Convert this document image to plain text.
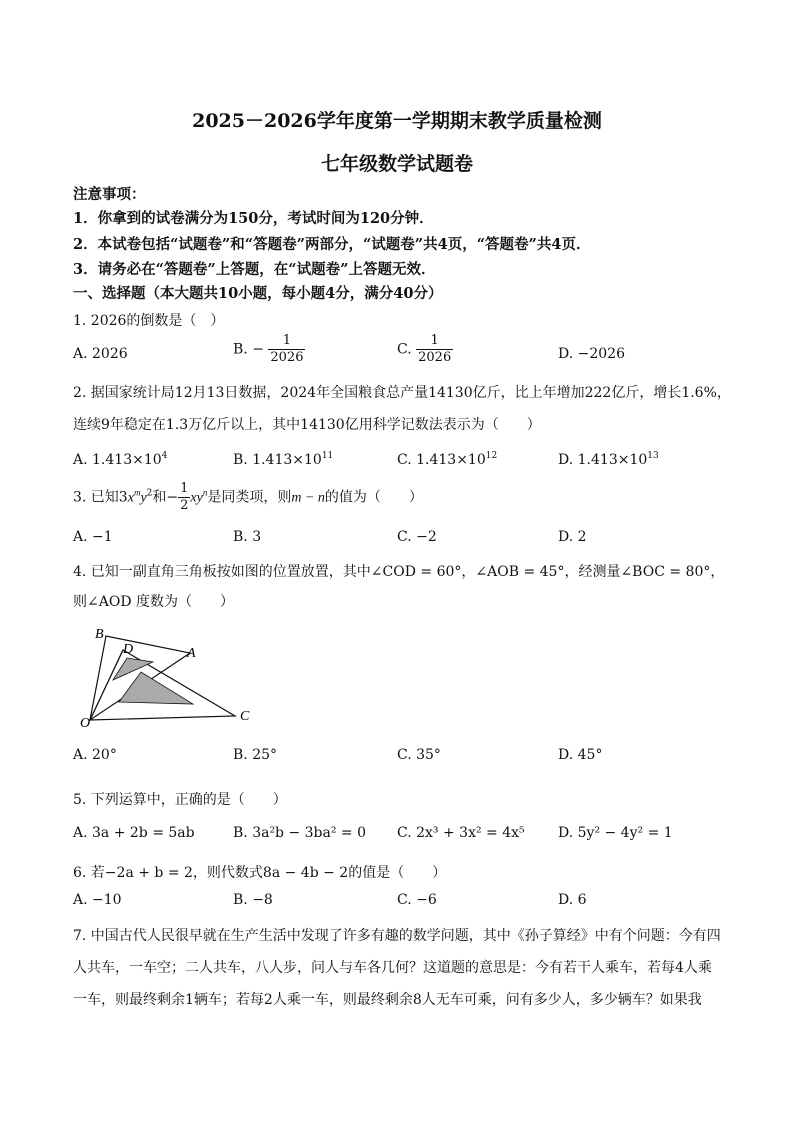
2025－2026学年度第一学期期末教学质量检测
七年级数学试题卷
注意事项：
1．你拿到的试卷满分为150分，考试时间为120分钟．
2．本试卷包括“试题卷”和“答题卷”两部分，“试题卷”共4页，“答题卷”共4页．
3．请务必在“答题卷”上答题，在“试题卷”上答题无效．
一、选择题（本大题共10小题，每小题4分，满分40分）
1. 2026的倒数是（　）
A. 2026	B. − $\frac{1}{2026}$	C. $\frac{1}{2026}$	D. −2026
2. 据国家统计局12月13日数据，2024年全国粮食总产量14130亿斤，比上年增加222亿斤，增长1.6%，
连续9年稳定在1.3万亿斤以上，其中14130亿用科学记数法表示为（　　）
A. $1.413\times 10^4$	B. $1.413\times 10^{11}$	C. $1.413\times 10^{12}$	D. $1.413\times 10^{13}$
3. 已知$3x^my^2$和− $\frac{1}{2} xy^n$是同类项，则m − n的值为（　　）
A. −1	B. 3	C. −2	D. 2
4. 已知一副直角三角板按如图的位置放置，其中∠COD = 60°，∠AOB = 45°，经测量∠BOC = 80°，
则∠AOD 度数为（　　）
B
D	A
O	C
A. 20°	B. 25°	C. 35°	D. 45°
5. 下列运算中，正确的是（　　）
A. 3a + 2b = 5ab	B. 3a²b − 3ba² = 0 C. 2x³ + 3x² = 4x⁵ D. 5y² − 4y² = 1
6. 若−2a + b = 2，则代数式8a − 4b − 2的值是（　　）
A. −10	B. −8	C. −6	D. 6
7. 中国古代人民很早就在生产生活中发现了许多有趣的数学问题，其中《孙子算经》中有个问题：今有四
人共车，一车空；二人共车，八人步，问人与车各几何？这道题的意思是：今有若干人乘车，若每4人乘
一车，则最终剩余1辆车；若每2人乘一车，则最终剩余8人无车可乘，问有多少人，多少辆车？如果我
